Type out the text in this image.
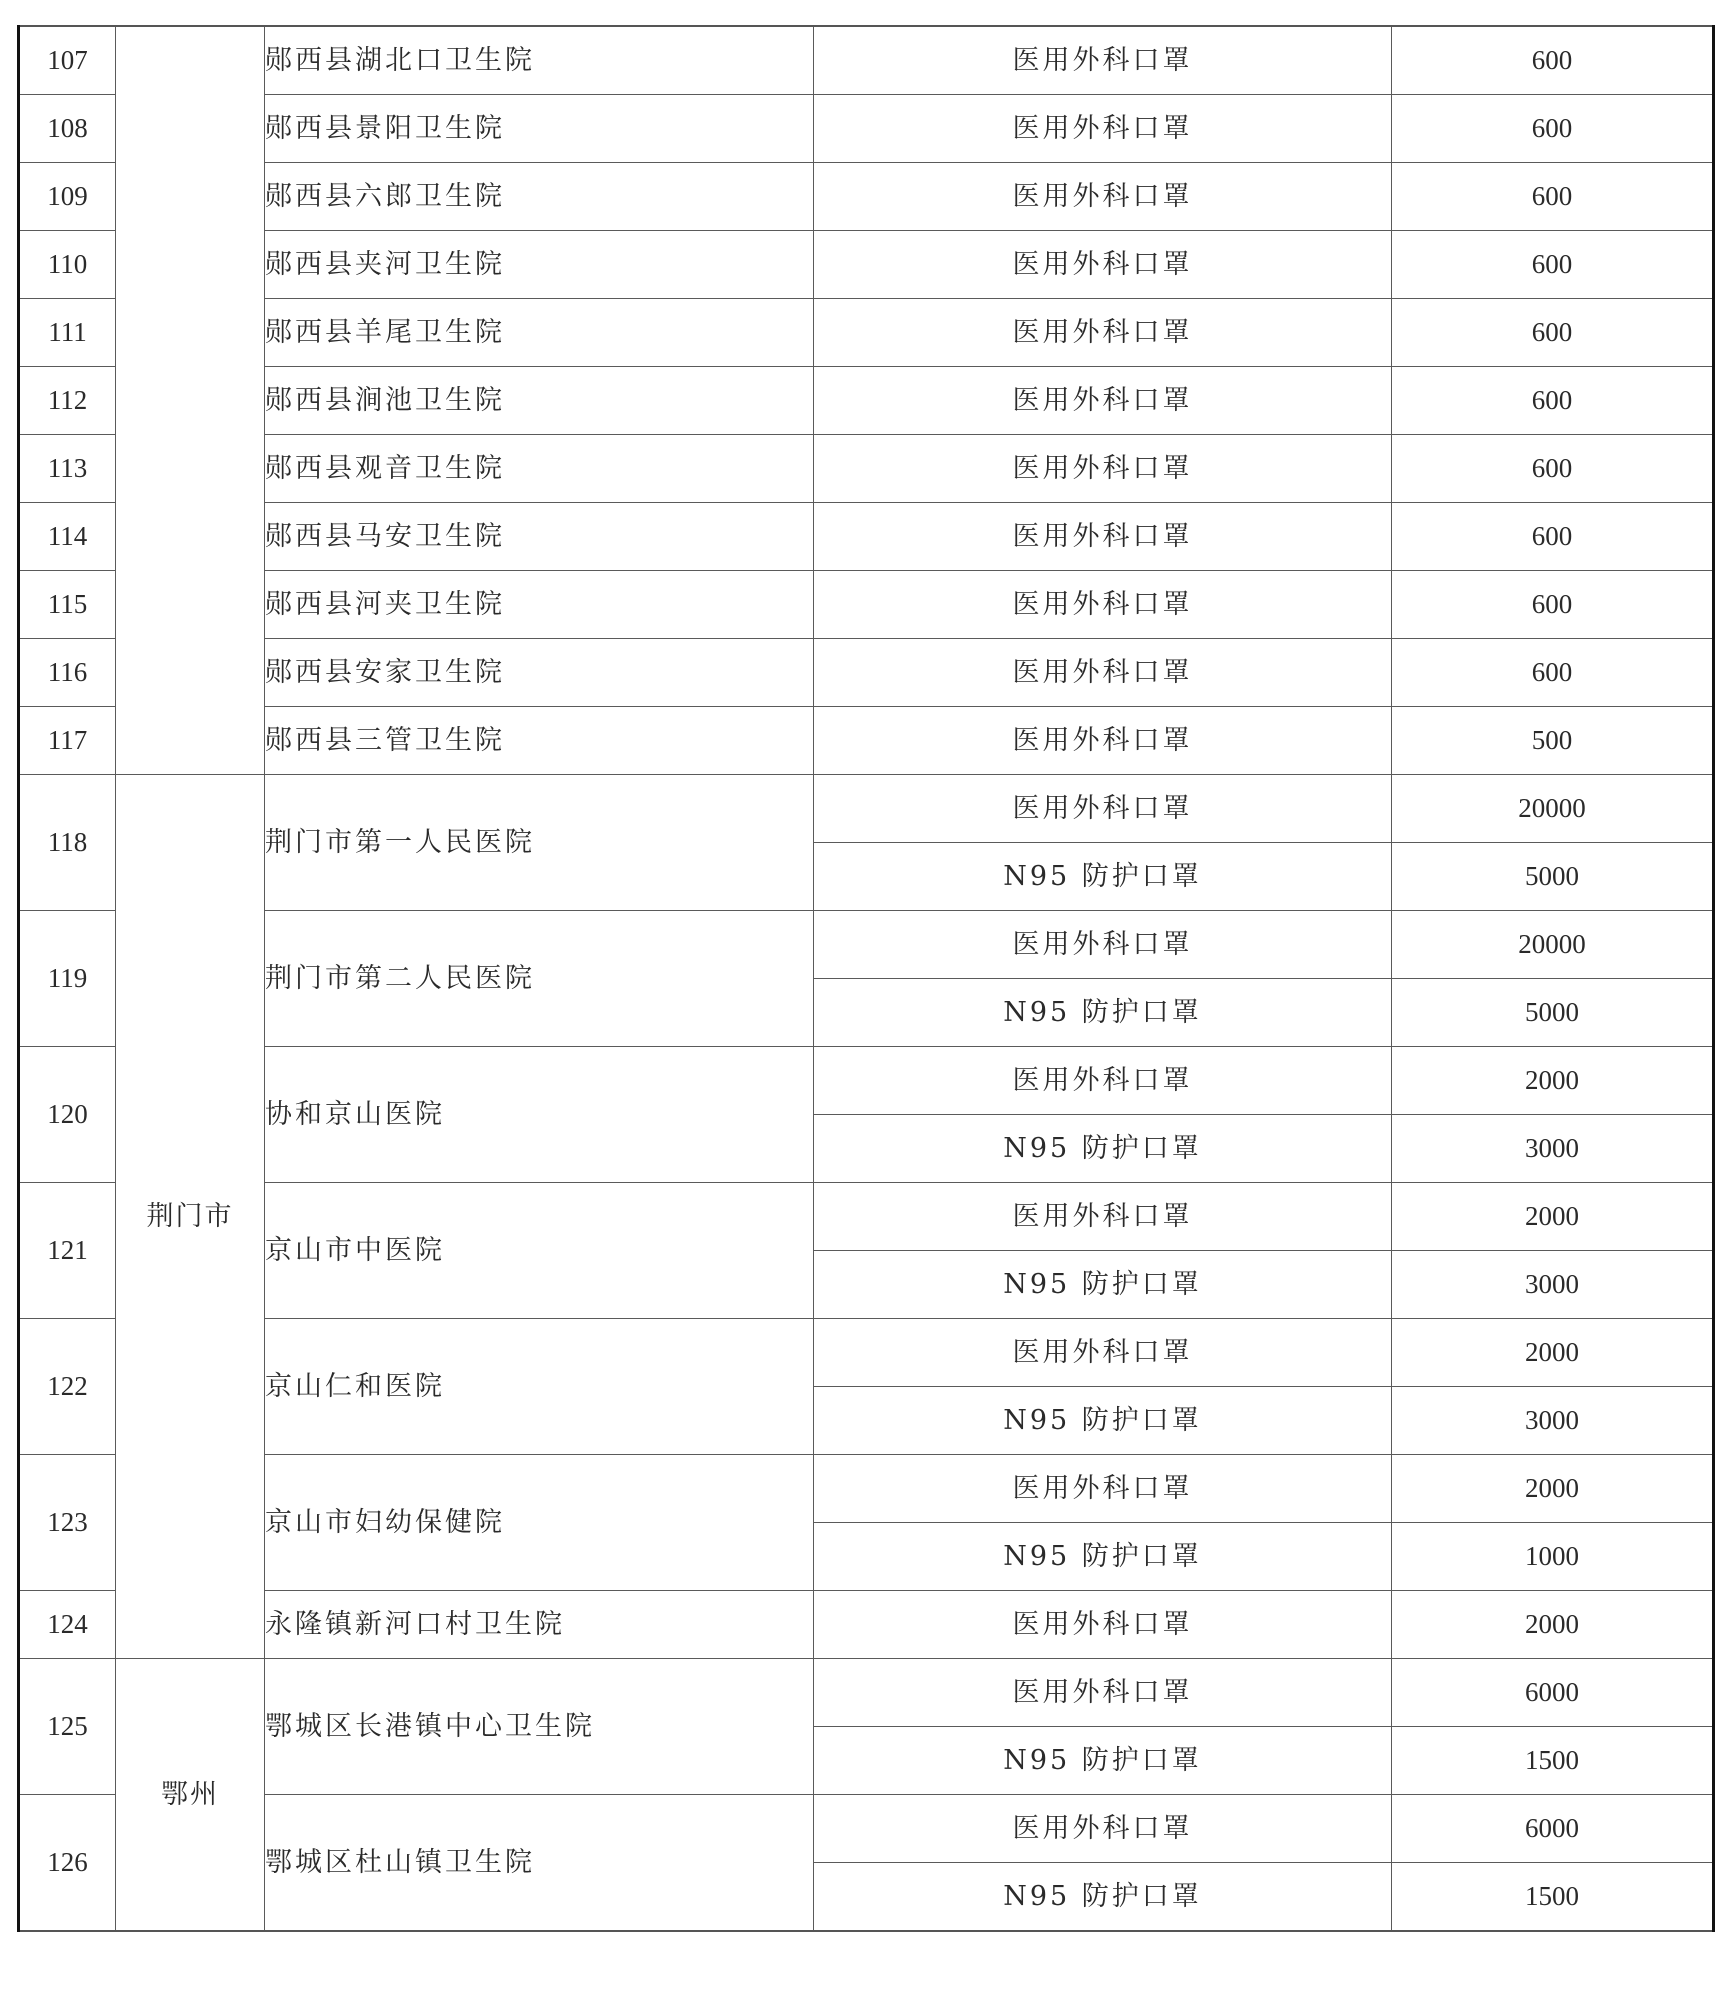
107		郧西县湖北口卫生院	医用外科口罩	600
108		郧西县景阳卫生院	医用外科口罩	600
109		郧西县六郎卫生院	医用外科口罩	600
110		郧西县夹河卫生院	医用外科口罩	600
111		郧西县羊尾卫生院	医用外科口罩	600
112		郧西县涧池卫生院	医用外科口罩	600
113		郧西县观音卫生院	医用外科口罩	600
114		郧西县马安卫生院	医用外科口罩	600
115		郧西县河夹卫生院	医用外科口罩	600
116		郧西县安家卫生院	医用外科口罩	600
117		郧西县三管卫生院	医用外科口罩	500
118	荆门市	荆门市第一人民医院	医用外科口罩	20000
			N95 防护口罩	5000
119		荆门市第二人民医院	医用外科口罩	20000
			N95 防护口罩	5000
120		协和京山医院	医用外科口罩	2000
			N95 防护口罩	3000
121		京山市中医院	医用外科口罩	2000
			N95 防护口罩	3000
122		京山仁和医院	医用外科口罩	2000
			N95 防护口罩	3000
123		京山市妇幼保健院	医用外科口罩	2000
			N95 防护口罩	1000
124		永隆镇新河口村卫生院	医用外科口罩	2000
125	鄂州	鄂城区长港镇中心卫生院	医用外科口罩	6000
			N95 防护口罩	1500
126		鄂城区杜山镇卫生院	医用外科口罩	6000
			N95 防护口罩	1500
